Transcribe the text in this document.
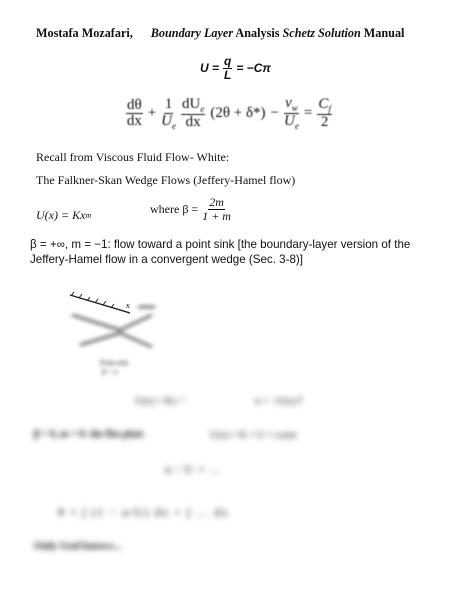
Mostafa Mozafari, Boundary Layer Analysis Schetz Solution Manual
$U = \frac{q}{L} = -C\pi$
$\frac{d\theta}{dx} + \frac{1}{U_e} \frac{dU_e}{dx} (2\theta + \delta*) - \frac{v_w}{U_e} = \frac{C_f}{2}$
Recall from Viscous Fluid Flow- White:
The Falkner-Skan Wedge Flows (Jeffery-Hamel flow)
U(x) = Kx m	where $\beta = \frac{2m}{1 + m}$
β = +∞, m = −1: flow toward a point sink [the boundary-layer version of the Jeffery-Hamel flow in a convergent wedge (Sec. 3-8)]
x
Point sink
β = ∞
U(x) = Kx⁻¹	u = −U(x) f'
β = 0, m = 0: the flat plate	U(x) = K = U = const
u / U = ...
θ = ∫ (1 − u/U) dx + ∫ ... dx
Only God knows...
